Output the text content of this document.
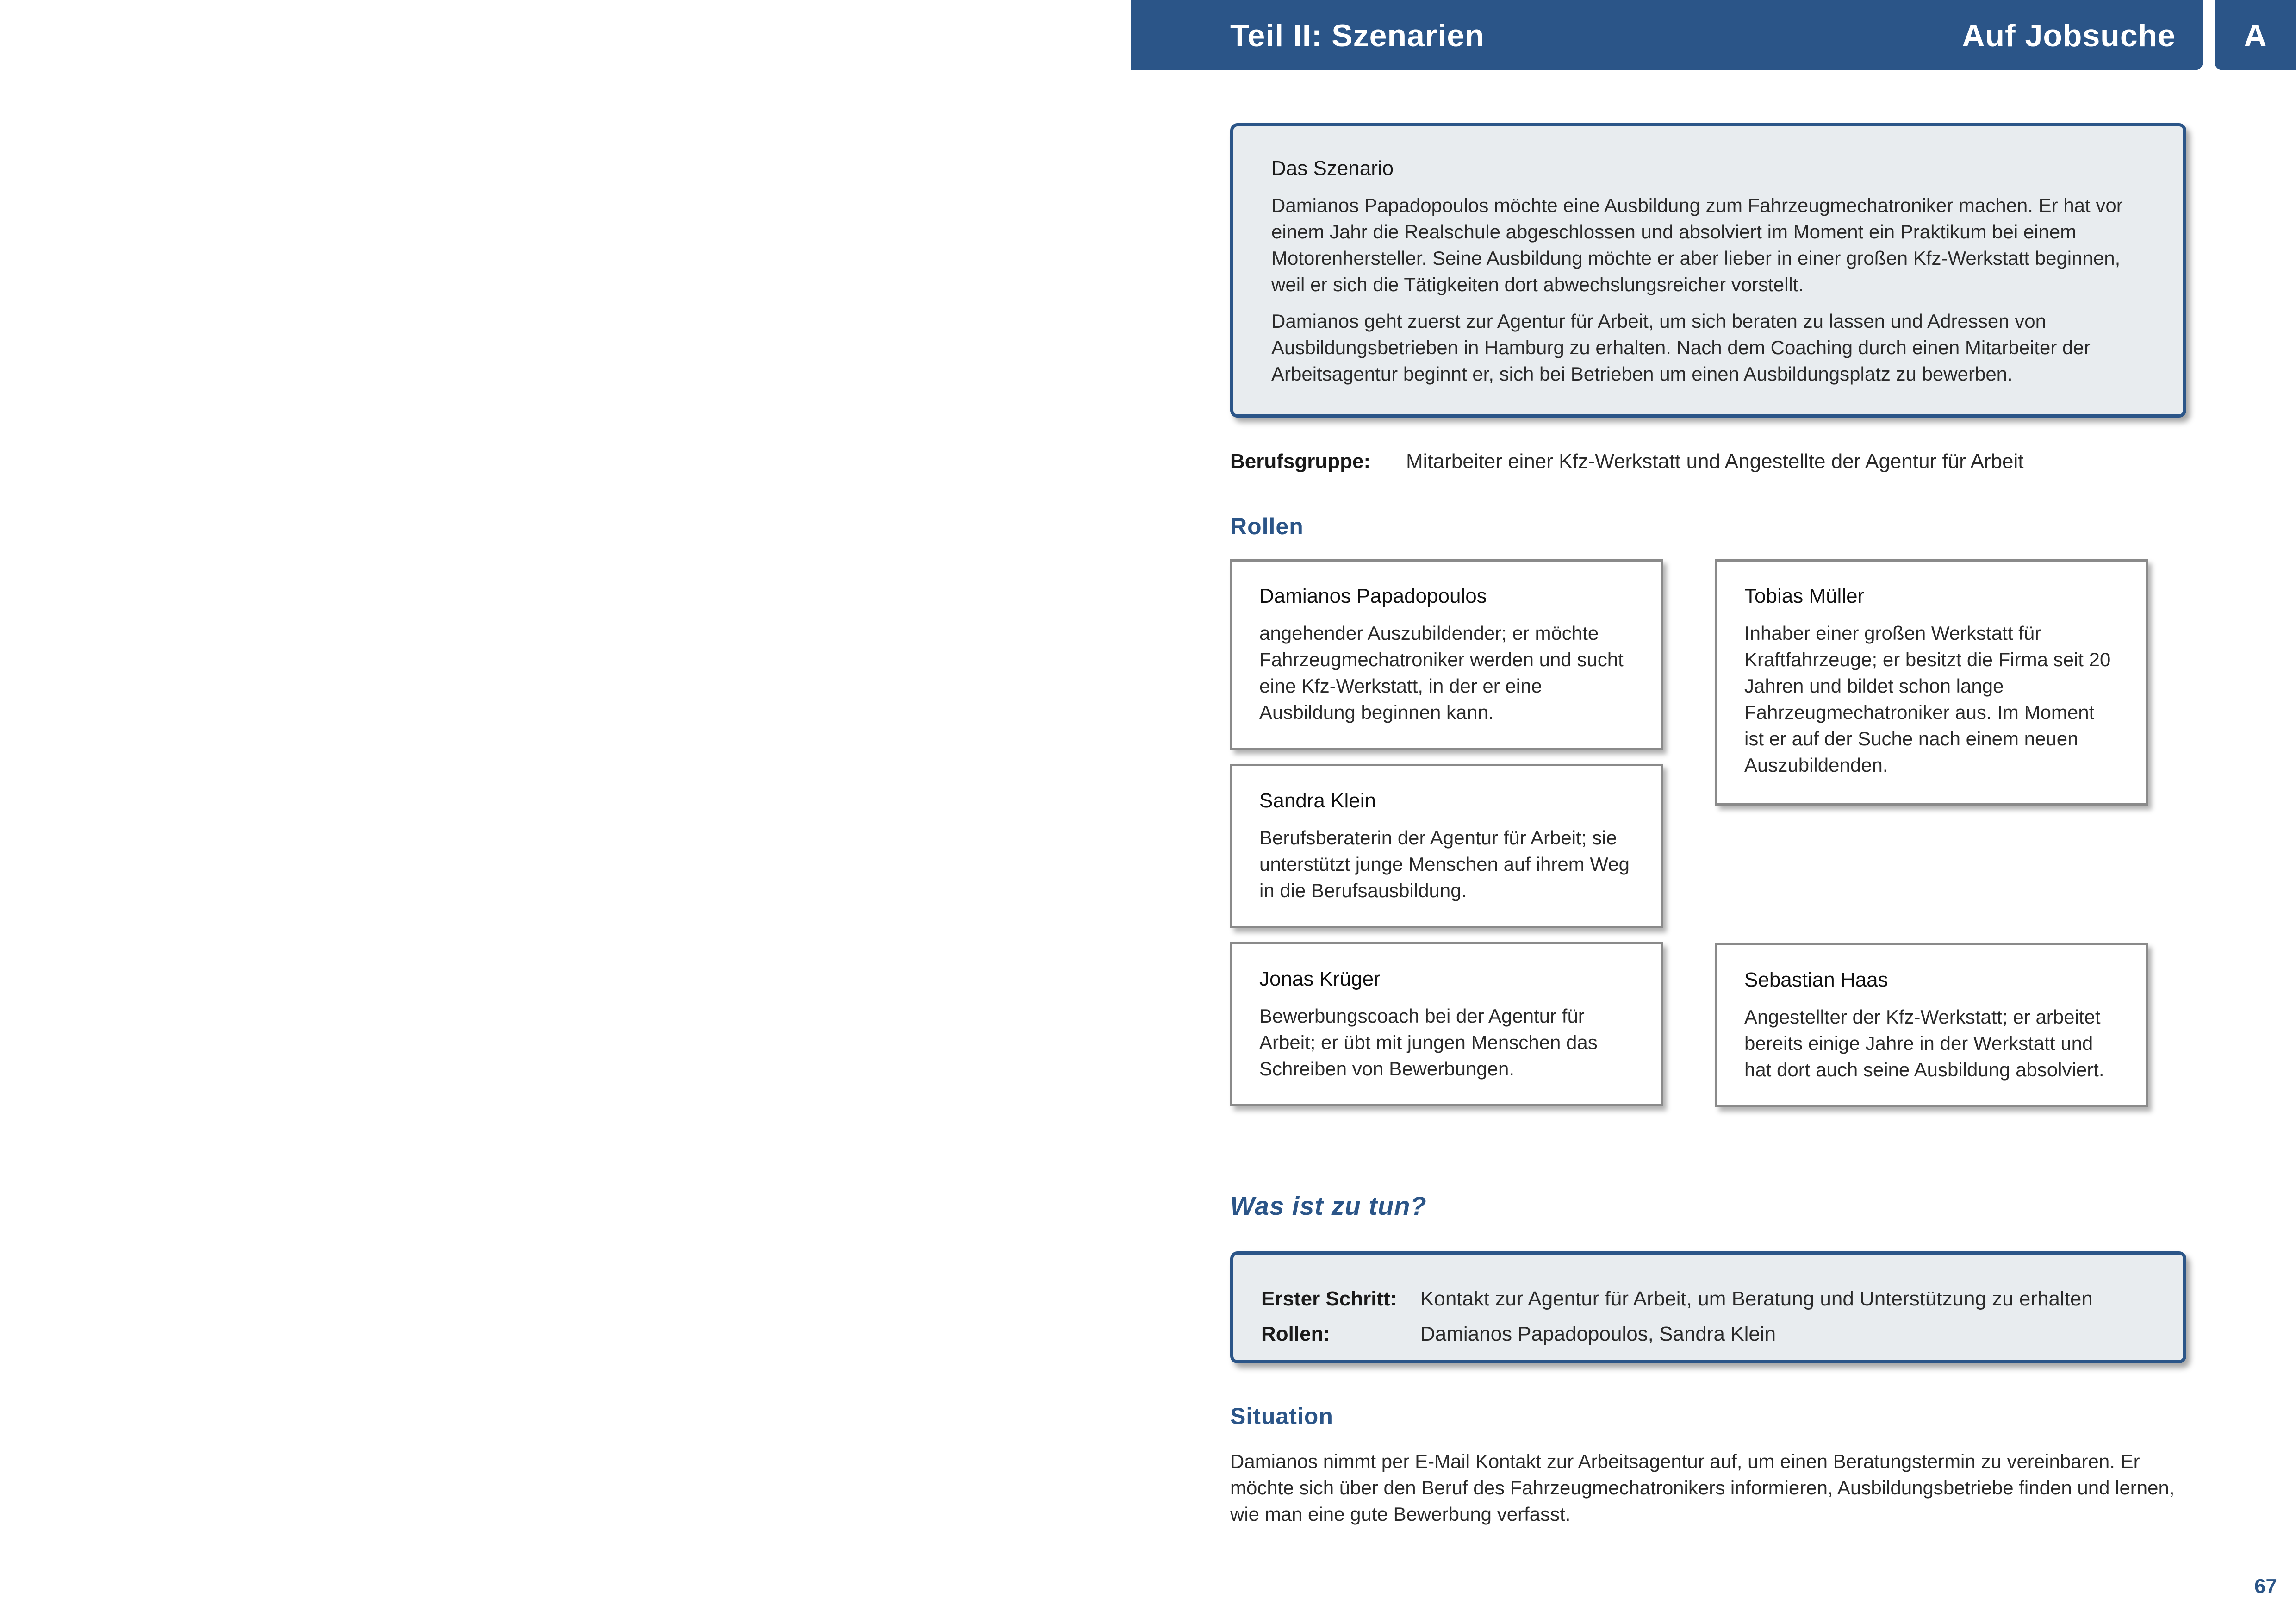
Teil II: Szenarien	Auf Jobsuche	A
Das Szenario

Damianos Papadopoulos möchte eine Ausbildung zum Fahrzeugmechatroniker machen. Er hat vor einem Jahr die Realschule abgeschlossen und absolviert im Moment ein Praktikum bei einem Motorenhersteller. Seine Ausbildung möchte er aber lieber in einer großen Kfz-Werkstatt beginnen, weil er sich die Tätigkeiten dort abwechslungsreicher vorstellt.

Damianos geht zuerst zur Agentur für Arbeit, um sich beraten zu lassen und Adressen von Ausbildungsbetrieben in Hamburg zu erhalten. Nach dem Coaching durch einen Mitarbeiter der Arbeitsagentur beginnt er, sich bei Betrieben um einen Ausbildungsplatz zu bewerben.

Berufsgruppe: Mitarbeiter einer Kfz-Werkstatt und Angestellte der Agentur für Arbeit
Rollen
Damianos Papadopoulos
angehender Auszubildender; er möchte Fahrzeugmechatroniker werden und sucht eine Kfz-Werkstatt, in der er eine Ausbildung beginnen kann.
Tobias Müller
Inhaber einer großen Werkstatt für Kraftfahrzeuge; er besitzt die Firma seit 20 Jahren und bildet schon lange Fahrzeugmechatroniker aus. Im Moment ist er auf der Suche nach einem neuen Auszubildenden.
Sandra Klein
Berufsberaterin der Agentur für Arbeit; sie unterstützt junge Menschen auf ihrem Weg in die Berufsausbildung.
Jonas Krüger
Bewerbungscoach bei der Agentur für Arbeit; er übt mit jungen Menschen das Schreiben von Bewerbungen.
Sebastian Haas
Angestellter der Kfz-Werkstatt; er arbeitet bereits einige Jahre in der Werkstatt und hat dort auch seine Ausbildung absolviert.
Was ist zu tun?
Erster Schritt: Kontakt zur Agentur für Arbeit, um Beratung und Unterstützung zu erhalten
Rollen:	Damianos Papadopoulos, Sandra Klein
Situation
Damianos nimmt per E-Mail Kontakt zur Arbeitsagentur auf, um einen Beratungstermin zu vereinbaren. Er möchte sich über den Beruf des Fahrzeugmechatronikers informieren, Ausbildungsbetriebe finden und lernen, wie man eine gute Bewerbung verfasst.
67
